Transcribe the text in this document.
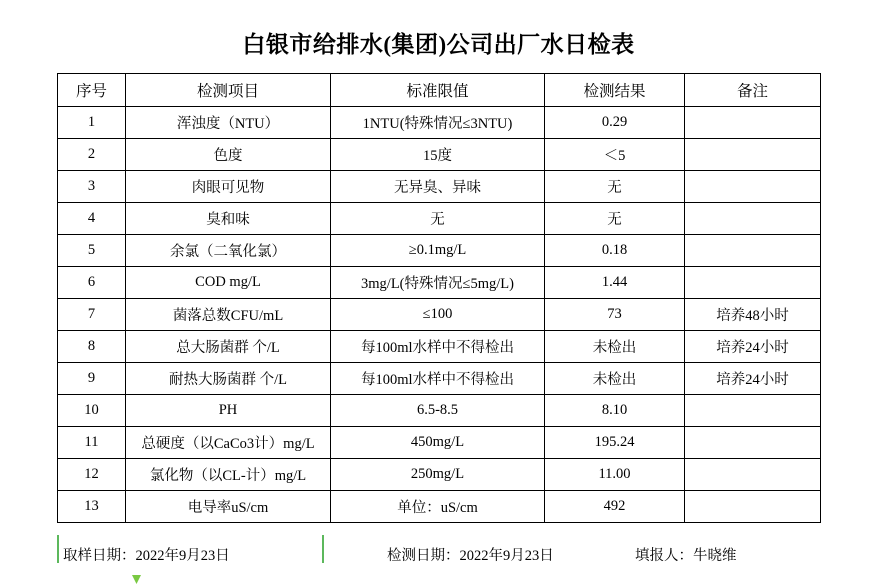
白银市给排水(集团)公司出厂水日检表
序号	检测项目	标准限值	检测结果	备注
1	浑浊度（NTU）	1NTU(特殊情况≤3NTU)	0.29	
2	色度	15度	＜5	
3	肉眼可见物	无异臭、异味	无	
4	臭和味	无	无	
5	余氯（二氧化氯）	≥0.1mg/L	0.18	
6	COD mg/L	3mg/L(特殊情况≤5mg/L)	1.44	
7	菌落总数CFU/mL	≤100	73	培养48小时
8	总大肠菌群 个/L	每100ml水样中不得检出	未检出	培养24小时
9	耐热大肠菌群 个/L	每100ml水样中不得检出	未检出	培养24小时
10	PH	6.5-8.5	8.10	
11	总硬度（以CaCo3计）mg/L	450mg/L	195.24	
12	氯化物（以CL-计）mg/L	250mg/L	11.00	
13	电导率uS/cm	单位：uS/cm	492	
取样日期：2022年9月23日	检测日期：2022年9月23日	填报人：牛晓维
